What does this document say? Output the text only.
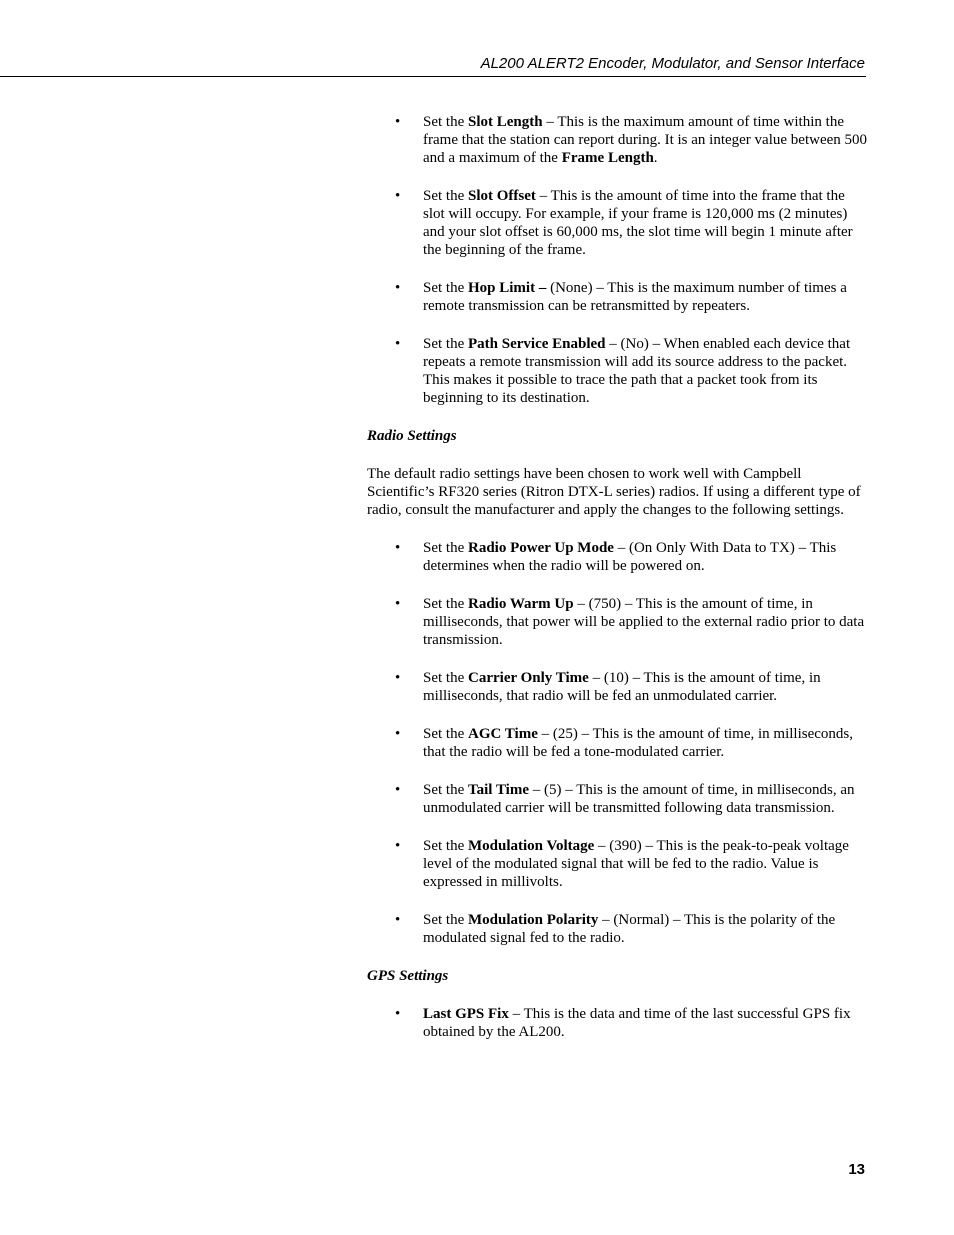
AL200 ALERT2 Encoder, Modulator, and Sensor Interface
• Set the Slot Length – This is the maximum amount of time within the frame that the station can report during. It is an integer value between 500 and a maximum of the Frame Length.
• Set the Slot Offset – This is the amount of time into the frame that the slot will occupy. For example, if your frame is 120,000 ms (2 minutes) and your slot offset is 60,000 ms, the slot time will begin 1 minute after the beginning of the frame.
• Set the Hop Limit – (None) – This is the maximum number of times a remote transmission can be retransmitted by repeaters.
• Set the Path Service Enabled – (No) – When enabled each device that repeats a remote transmission will add its source address to the packet. This makes it possible to trace the path that a packet took from its beginning to its destination.

Radio Settings

The default radio settings have been chosen to work well with Campbell Scientific’s RF320 series (Ritron DTX-L series) radios. If using a different type of radio, consult the manufacturer and apply the changes to the following settings.

• Set the Radio Power Up Mode – (On Only With Data to TX) – This determines when the radio will be powered on.
• Set the Radio Warm Up – (750) – This is the amount of time, in milliseconds, that power will be applied to the external radio prior to data transmission.
• Set the Carrier Only Time – (10) – This is the amount of time, in milliseconds, that radio will be fed an unmodulated carrier.
• Set the AGC Time – (25) – This is the amount of time, in milliseconds, that the radio will be fed a tone-modulated carrier.
• Set the Tail Time – (5) – This is the amount of time, in milliseconds, an unmodulated carrier will be transmitted following data transmission.
• Set the Modulation Voltage – (390) – This is the peak-to-peak voltage level of the modulated signal that will be fed to the radio. Value is expressed in millivolts.
• Set the Modulation Polarity – (Normal) – This is the polarity of the modulated signal fed to the radio.

GPS Settings

• Last GPS Fix – This is the data and time of the last successful GPS fix obtained by the AL200.
13
